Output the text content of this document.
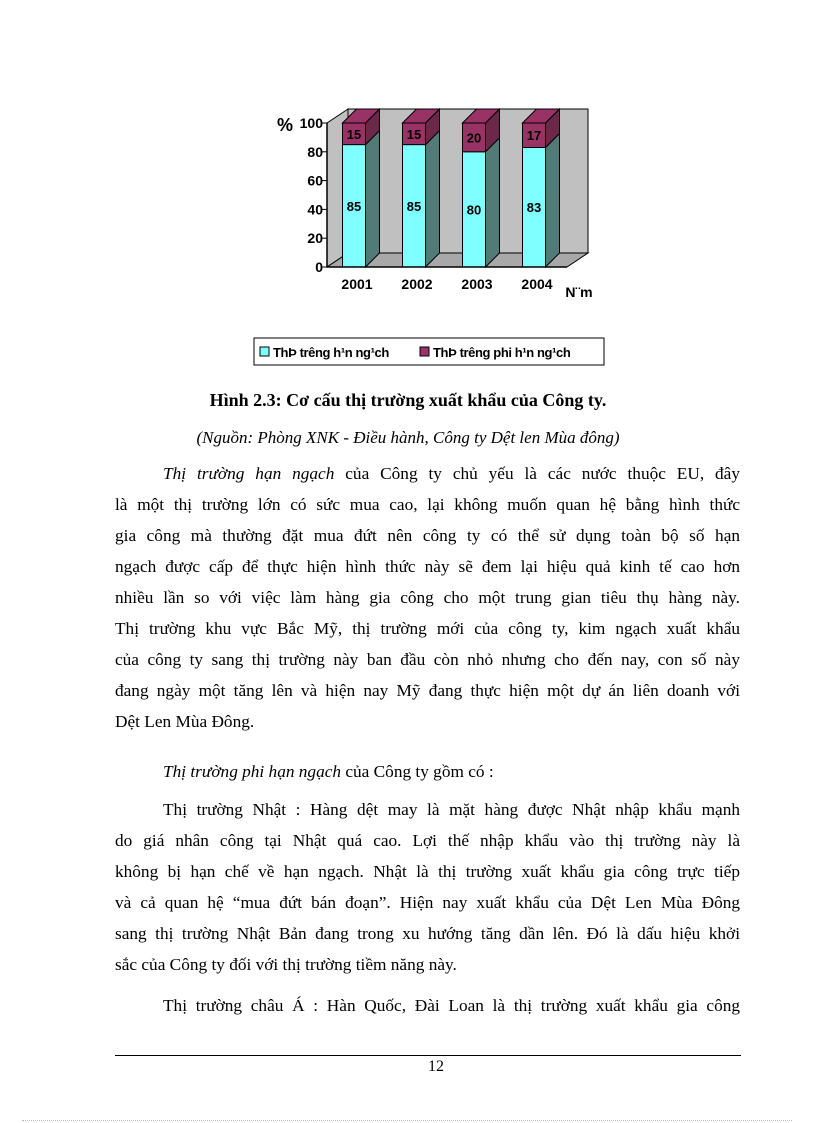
85
15
85
15
80
20
83
17
0
20
40
60
80
100
2001 2002 2003 2004
%
N¨m
ThÞ trêng h¹n ng¹ch	ThÞ trêng phi h¹n ng¹ch
Hình 2.3: Cơ cấu thị trường xuất khẩu của Công ty.
(Nguồn: Phòng XNK - Điều hành, Công ty Dệt len Mùa đông)
Thị trường hạn ngạch của Công ty chủ yếu là các nước thuộc EU, đây
là một thị trường lớn có sức mua cao, lại không muốn quan hệ bằng hình thức
gia công mà thường đặt mua đứt nên công ty có thể sử dụng toàn bộ số hạn
ngạch được cấp để thực hiện hình thức này sẽ đem lại hiệu quả kinh tế cao hơn
nhiều lần so với việc làm hàng gia công cho một trung gian tiêu thụ hàng này.
Thị trường khu vực Bắc Mỹ, thị trường mới của công ty, kim ngạch xuất khẩu
của công ty sang thị trường này ban đầu còn nhỏ nhưng cho đến nay, con số này
đang ngày một tăng lên và hiện nay Mỹ đang thực hiện một dự án liên doanh với
Dệt Len Mùa Đông.
Thị trường phi hạn ngạch của Công ty gồm có :
Thị trường Nhật : Hàng dệt may là mặt hàng được Nhật nhập khẩu mạnh
do giá nhân công tại Nhật quá cao. Lợi thế nhập khẩu vào thị trường này là
không bị hạn chế về hạn ngạch. Nhật là thị trường xuất khẩu gia công trực tiếp
và cả quan hệ “mua đứt bán đoạn”. Hiện nay xuất khẩu của Dệt Len Mùa Đông
sang thị trường Nhật Bản đang trong xu hướng tăng dần lên. Đó là dấu hiệu khởi
sắc của Công ty đối với thị trường tiềm năng này.
Thị trường châu Á : Hàn Quốc, Đài Loan là thị trường xuất khẩu gia công
12
